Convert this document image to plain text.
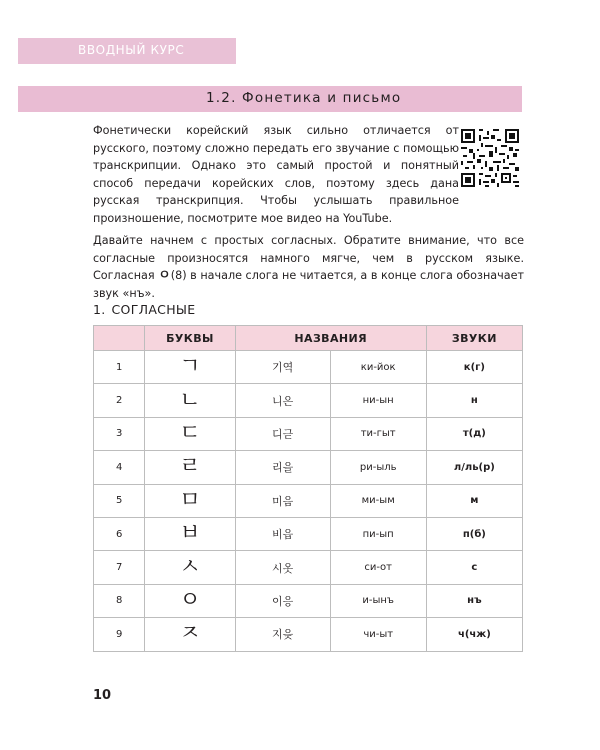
ВВОДНЫЙ КУРС
1.2. Фонетика и письмо

Фонетически корейский язык сильно отличается от русского, поэтому сложно передать его звучание с помощью транскрипции. Однако это самый простой и понятный способ передачи корейских слов, поэтому здесь дана русская транскрипция. Чтобы услышать правильное произношение, посмотрите мое видео на YouTube.

Давайте начнем с простых согласных. Обратите внимание, что все согласные произносятся намного мягче, чем в русском языке. Согласная ㅇ(8) в начале слога не читается, а в конце слога обозначает звук «нъ».

1. СОГЛАСНЫЕ
	БУКВЫ	НАЗВАНИЯ		ЗВУКИ
1	ㄱ	기역	ки-йок	к(г)
2	ㄴ	니은	ни-ын	н
3	ㄷ	디귿	ти-гыт	т(д)
4	ㄹ	리을	ри-ыль	л/ль(р)
5	ㅁ	미음	ми-ым	м
6	ㅂ	비읍	пи-ып	п(б)
7	ㅅ	시옷	си-от	с
8	ㅇ	이응	и-ынъ	нъ
9	ㅈ	지읒	чи-ыт	ч(чж)
10
